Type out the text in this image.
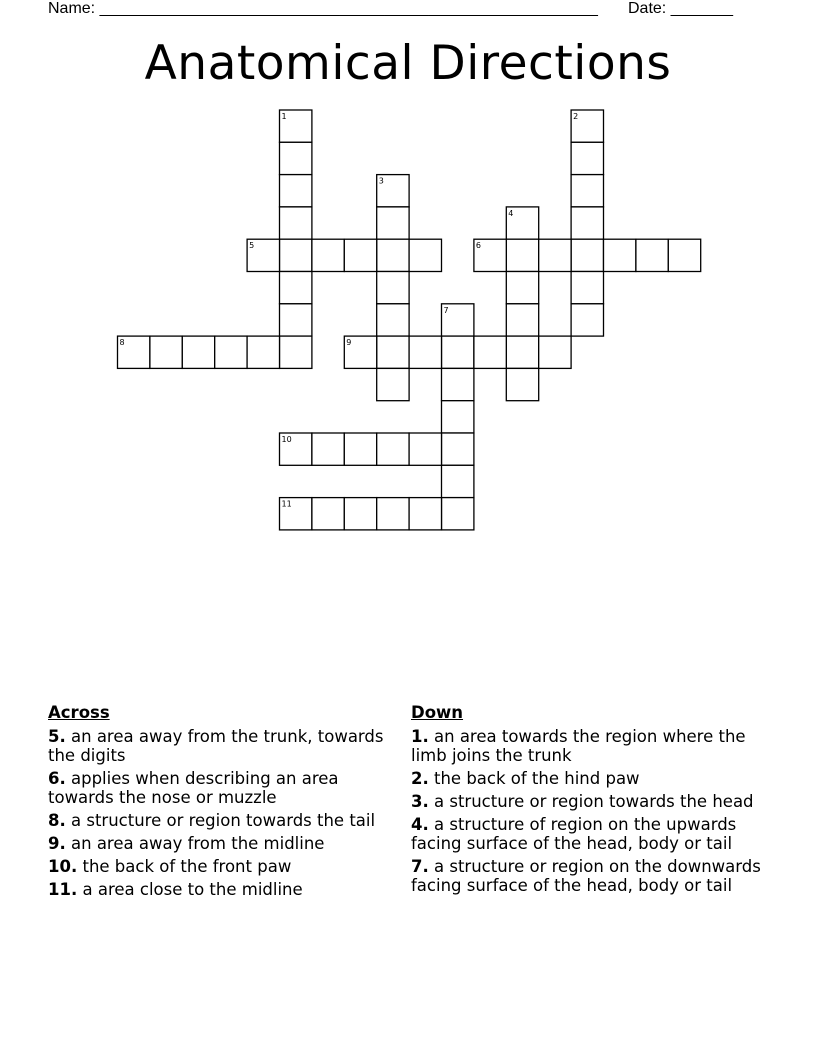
Name: ________________________________________________________ Date: _______
Anatomical Directions
1	2
3
4
5	6
7
8	9
10
11
Across
5. an area away from the trunk, towards the digits
6. applies when describing an area towards the nose or muzzle
8. a structure or region towards the tail
9. an area away from the midline
10. the back of the front paw
11. a area close to the midline
Down
1. an area towards the region where the limb joins the trunk
2. the back of the hind paw
3. a structure or region towards the head
4. a structure of region on the upwards facing surface of the head, body or tail
7. a structure or region on the downwards facing surface of the head, body or tail
